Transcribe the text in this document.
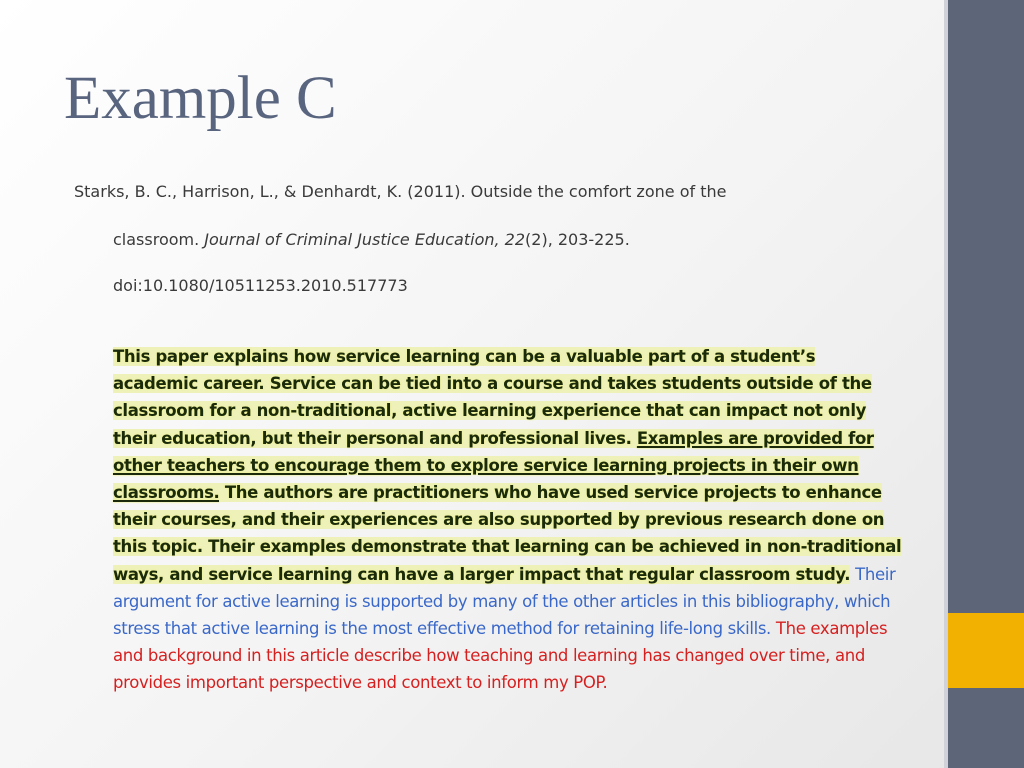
Example C
Starks, B. C., Harrison, L., & Denhardt, K. (2011). Outside the comfort zone of the
classroom. Journal of Criminal Justice Education, 22(2), 203-225.
doi:10.1080/10511253.2010.517773

This paper explains how service learning can be a valuable part of a student’s academic career. Service can be tied into a course and takes students outside of the classroom for a non-traditional, active learning experience that can impact not only their education, but their personal and professional lives. Examples are provided for other teachers to encourage them to explore service learning projects in their own classrooms. The authors are practitioners who have used service projects to enhance their courses, and their experiences are also supported by previous research done on this topic. Their examples demonstrate that learning can be achieved in non-traditional ways, and service learning can have a larger impact that regular classroom study. Their argument for active learning is supported by many of the other articles in this bibliography, which stress that active learning is the most effective method for retaining life-long skills. The examples and background in this article describe how teaching and learning has changed over time, and provides important perspective and context to inform my POP.
